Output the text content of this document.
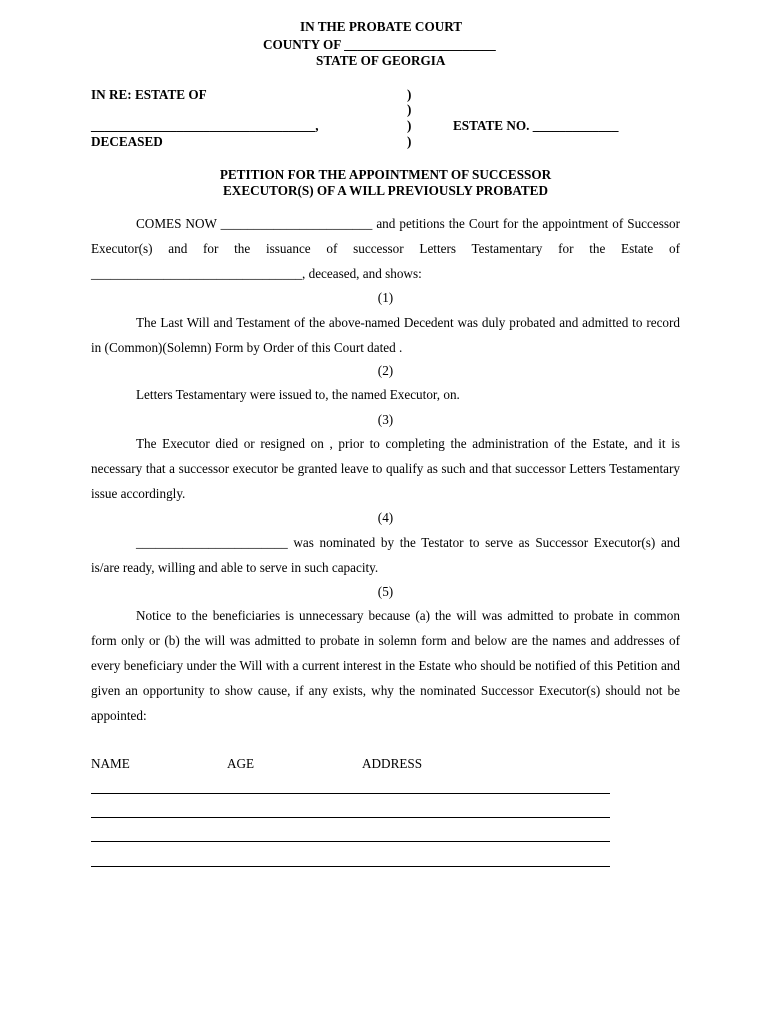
IN THE PROBATE COURT
COUNTY OF _______________________
STATE OF GEORGIA
IN RE: ESTATE OF
__________________________________,
DECEASED
)
)
)
)
ESTATE NO. _____________
PETITION FOR THE APPOINTMENT OF SUCCESSOR
EXECUTOR(S) OF A WILL PREVIOUSLY PROBATED
COMES NOW _______________________ and petitions the Court for the appointment of Successor Executor(s) and for the issuance of successor Letters Testamentary for the Estate of ________________________________, deceased, and shows:
(1)
The Last Will and Testament of the above-named Decedent was duly probated and admitted to record in (Common)(Solemn) Form by Order of this Court dated .
(2)
Letters Testamentary were issued to, the named Executor, on.
(3)
The Executor died or resigned on , prior to completing the administration of the Estate, and it is necessary that a successor executor be granted leave to qualify as such and that successor Letters Testamentary issue accordingly.
(4)
_______________________ was nominated by the Testator to serve as Successor Executor(s) and is/are ready, willing and able to serve in such capacity.
(5)
Notice to the beneficiaries is unnecessary because (a) the will was admitted to probate in common form only or (b) the will was admitted to probate in solemn form and below are the names and addresses of every beneficiary under the Will with a current interest in the Estate who should be notified of this Petition and given an opportunity to show cause, if any exists, why the nominated Successor Executor(s) should not be appointed:
NAME	AGE	ADDRESS
